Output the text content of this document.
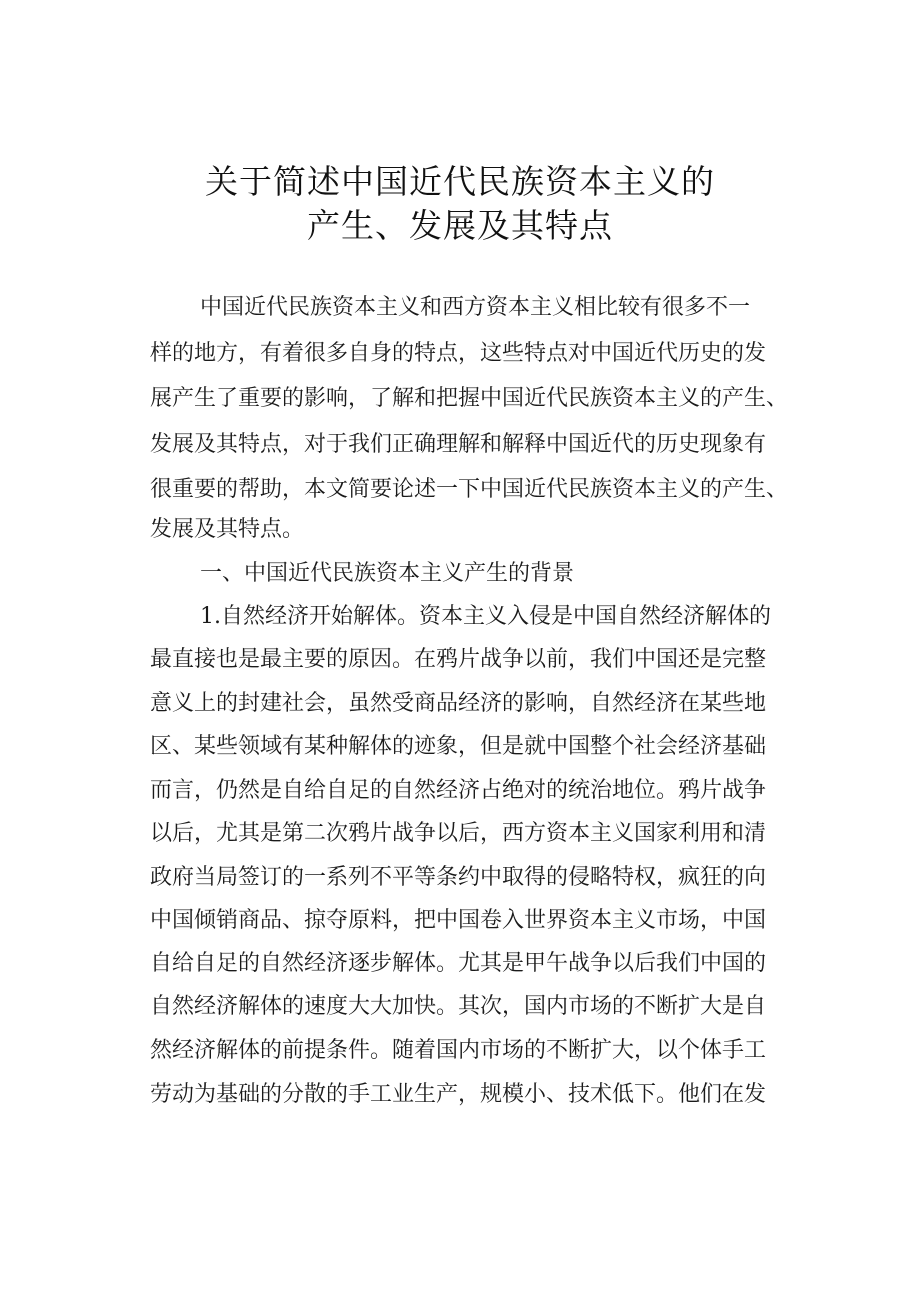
关于简述中国近代民族资本主义的
产生、发展及其特点
中国近代民族资本主义和西方资本主义相比较有很多不一
样的地方，有着很多自身的特点，这些特点对中国近代历史的发
展产生了重要的影响，了解和把握中国近代民族资本主义的产生、
发展及其特点，对于我们正确理解和解释中国近代的历史现象有
很重要的帮助，本文简要论述一下中国近代民族资本主义的产生、
发展及其特点。
一、中国近代民族资本主义产生的背景
1.自然经济开始解体。资本主义入侵是中国自然经济解体的
最直接也是最主要的原因。在鸦片战争以前，我们中国还是完整
意义上的封建社会，虽然受商品经济的影响，自然经济在某些地
区、某些领域有某种解体的迹象，但是就中国整个社会经济基础
而言，仍然是自给自足的自然经济占绝对的统治地位。鸦片战争
以后，尤其是第二次鸦片战争以后，西方资本主义国家利用和清
政府当局签订的一系列不平等条约中取得的侵略特权，疯狂的向
中国倾销商品、掠夺原料，把中国卷入世界资本主义市场，中国
自给自足的自然经济逐步解体。尤其是甲午战争以后我们中国的
自然经济解体的速度大大加快。其次，国内市场的不断扩大是自
然经济解体的前提条件。随着国内市场的不断扩大，以个体手工
劳动为基础的分散的手工业生产，规模小、技术低下。他们在发
